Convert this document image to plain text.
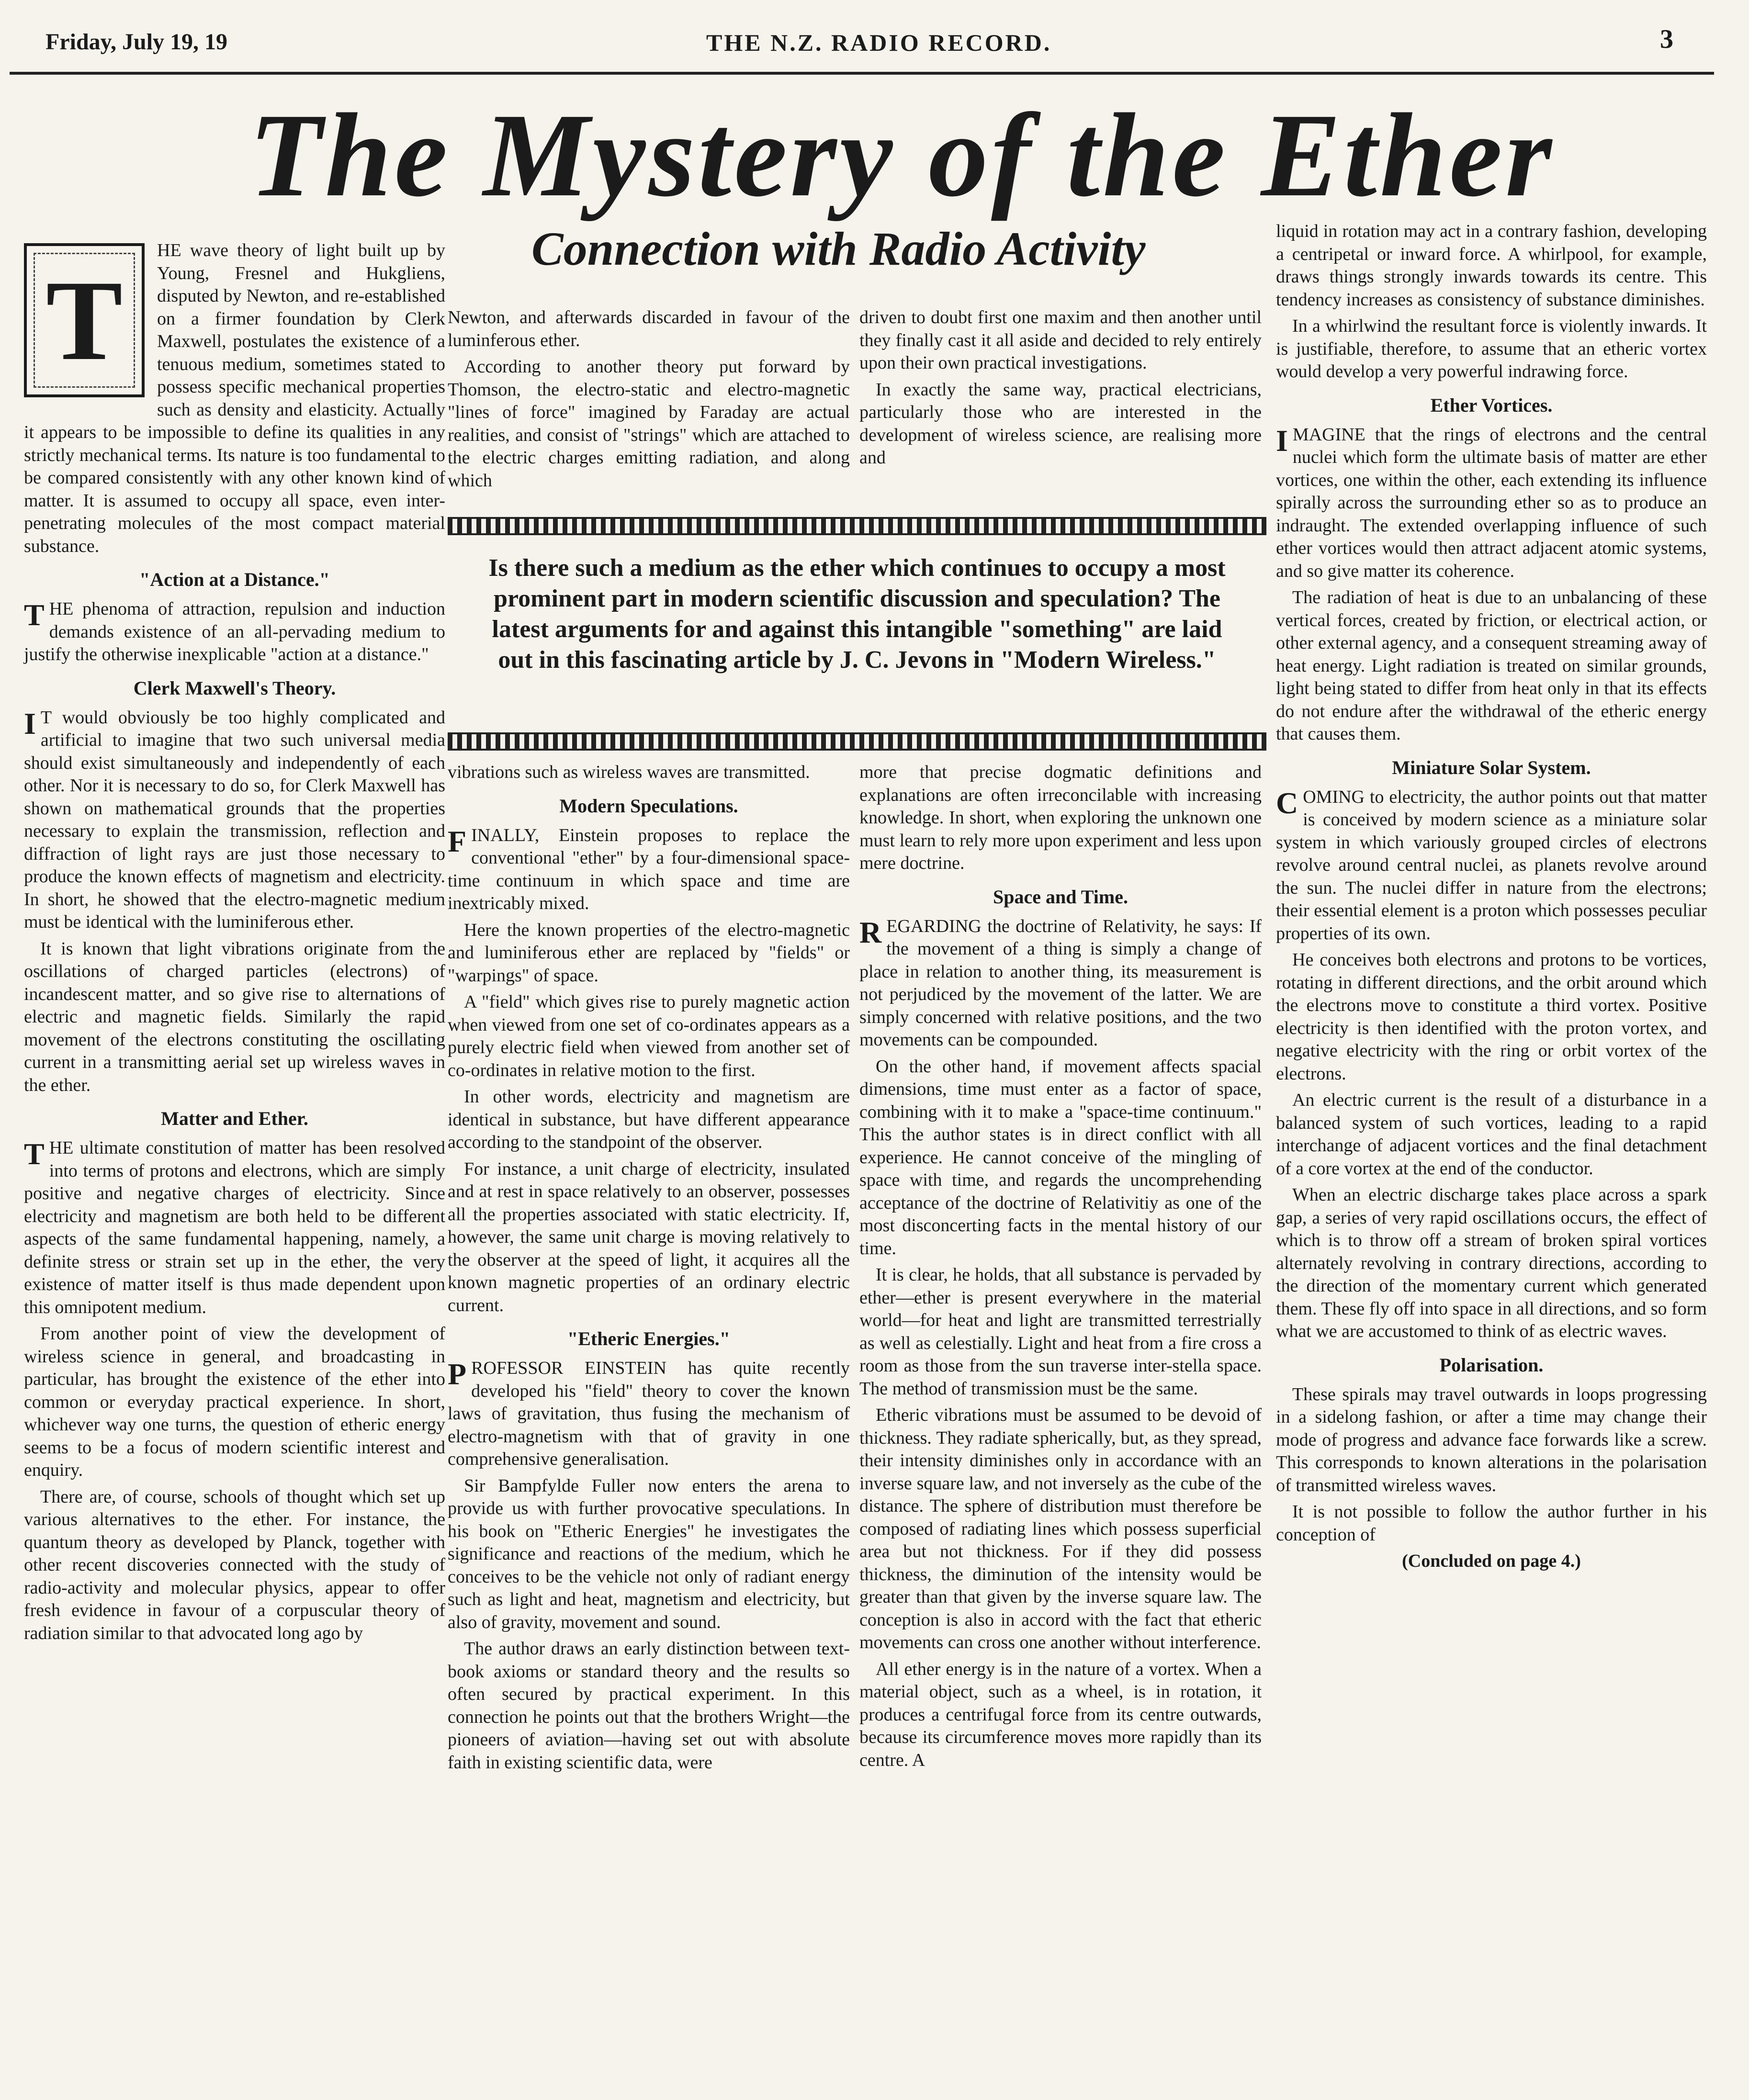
Friday, July 19, 19	THE N.Z. RADIO RECORD.	3
The Mystery of the Ether
Connection with Radio Activity
T

HE wave theory of light built up by Young, Fresnel and Hukgliens, disputed by Newton, and re-established on a firmer foundation by Clerk Maxwell, postulates the existence of a tenuous medium, sometimes stated to possess specific mechanical properties such as density and elasticity. Actually it appears to be impossible to define its qualities in any strictly mechanical terms. Its nature is too fundamental to be compared consistently with any other known kind of matter. It is assumed to occupy all space, even inter-penetrating molecules of the most compact material substance.

"Action at a Distance."

THE phenoma of attraction, repulsion and induction demands existence of an all-pervading medium to justify the otherwise inexplicable "action at a distance."

Clerk Maxwell's Theory.

I T would obviously be too highly complicated and artificial to imagine that two such universal media should exist simultaneously and independently of each other. Nor it is necessary to do so, for Clerk Maxwell has shown on mathematical grounds that the properties necessary to explain the transmission, reflection and diffraction of light rays are just those necessary to produce the known effects of magnetism and electricity. In short, he showed that the electro-magnetic medium must be identical with the luminiferous ether.

It is known that light vibrations originate from the oscillations of charged particles (electrons) of incandescent matter, and so give rise to alternations of electric and magnetic fields. Similarly the rapid movement of the electrons constituting the oscillating current in a transmitting aerial set up wireless waves in the ether.

Matter and Ether.

THE ultimate constitution of matter has been resolved into terms of protons and electrons, which are simply positive and negative charges of electricity. Since electricity and magnetism are both held to be different aspects of the same fundamental happening, namely, a definite stress or strain set up in the ether, the very existence of matter itself is thus made dependent upon this omnipotent medium.

From another point of view the development of wireless science in general, and broadcasting in particular, has brought the existence of the ether into common or everyday practical experience. In short, whichever way one turns, the question of etheric energy seems to be a focus of modern scientific interest and enquiry.

There are, of course, schools of thought which set up various alternatives to the ether. For instance, the quantum theory as developed by Planck, together with other recent discoveries connected with the study of radio-activity and molecular physics, appear to offer fresh evidence in favour of a corpuscular theory of radiation similar to that advocated long ago by

Newton, and afterwards discarded in favour of the luminferous ether.

According to another theory put forward by Thomson, the electro-static and electro-magnetic "lines of force" imagined by Faraday are actual realities, and consist of "strings" which are attached to the electric charges emitting radiation, and along which

driven to doubt first one maxim and then another until they finally cast it all aside and decided to rely entirely upon their own practical investigations.

In exactly the same way, practical electricians, particularly those who are interested in the development of wireless science, are realising more and

Is there such a medium as the ether which continues to occupy a most prominent part in modern scientific discussion and speculation? The latest arguments for and against this intangible "something" are laid out in this fascinating article by J. C. Jevons in "Modern Wireless."

vibrations such as wireless waves are transmitted.

Modern Speculations.

FINALLY, Einstein proposes to replace the conventional "ether" by a four-dimensional space-time continuum in which space and time are inextricably mixed.

Here the known properties of the electro-magnetic and luminiferous ether are replaced by "fields" or "warpings" of space.

A "field" which gives rise to purely magnetic action when viewed from one set of co-ordinates appears as a purely electric field when viewed from another set of co-ordinates in relative motion to the first.

In other words, electricity and magnetism are identical in substance, but have different appearance according to the standpoint of the observer.

For instance, a unit charge of electricity, insulated and at rest in space relatively to an observer, possesses all the properties associated with static electricity. If, however, the same unit charge is moving relatively to the observer at the speed of light, it acquires all the known magnetic properties of an ordinary electric current.

"Etheric Energies."

PROFESSOR EINSTEIN has quite recently developed his "field" theory to cover the known laws of gravitation, thus fusing the mechanism of electro-magnetism with that of gravity in one comprehensive generalisation.

Sir Bampfylde Fuller now enters the arena to provide us with further provocative speculations. In his book on "Etheric Energies" he investigates the significance and reactions of the medium, which he conceives to be the vehicle not only of radiant energy such as light and heat, magnetism and electricity, but also of gravity, movement and sound.

The author draws an early distinction between text-book axioms or standard theory and the results so often secured by practical experiment. In this connection he points out that the brothers Wright—the pioneers of aviation—having set out with absolute faith in existing scientific data, were

more that precise dogmatic definitions and explanations are often irreconcilable with increasing knowledge. In short, when exploring the unknown one must learn to rely more upon experiment and less upon mere doctrine.

Space and Time.

REGARDING the doctrine of Relativity, he says: If the movement of a thing is simply a change of place in relation to another thing, its measurement is not perjudiced by the movement of the latter. We are simply concerned with relative positions, and the two movements can be compounded.

On the other hand, if movement affects spacial dimensions, time must enter as a factor of space, combining with it to make a "space-time continuum." This the author states is in direct conflict with all experience. He cannot conceive of the mingling of space with time, and regards the uncomprehending acceptance of the doctrine of Relativitiy as one of the most disconcerting facts in the mental history of our time.

It is clear, he holds, that all substance is pervaded by ether—ether is present everywhere in the material world—for heat and light are transmitted terrestrially as well as celestially. Light and heat from a fire cross a room as those from the sun traverse inter-stella space. The method of transmission must be the same.

Etheric vibrations must be assumed to be devoid of thickness. They radiate spherically, but, as they spread, their intensity diminishes only in accordance with an inverse square law, and not inversely as the cube of the distance. The sphere of distribution must therefore be composed of radiating lines which possess superficial area but not thickness. For if they did possess thickness, the diminution of the intensity would be greater than that given by the inverse square law. The conception is also in accord with the fact that etheric movements can cross one another without interference.

All ether energy is in the nature of a vortex. When a material object, such as a wheel, is in rotation, it produces a centrifugal force from its centre outwards, because its circumference moves more rapidly than its centre. A

liquid in rotation may act in a contrary fashion, developing a centripetal or inward force. A whirlpool, for example, draws things strongly inwards towards its centre. This tendency increases as consistency of substance diminishes.

In a whirlwind the resultant force is violently inwards. It is justifiable, therefore, to assume that an etheric vortex would develop a very powerful indrawing force.

Ether Vortices.

IMAGINE that the rings of electrons and the central nuclei which form the ultimate basis of matter are ether vortices, one within the other, each extending its influence spirally across the surrounding ether so as to produce an indraught. The extended overlapping influence of such ether vortices would then attract adjacent atomic systems, and so give matter its coherence.

The radiation of heat is due to an unbalancing of these vertical forces, created by friction, or electrical action, or other external agency, and a consequent streaming away of heat energy. Light radiation is treated on similar grounds, light being stated to differ from heat only in that its effects do not endure after the withdrawal of the etheric energy that causes them.

Miniature Solar System.

COMING to electricity, the author points out that matter is conceived by modern science as a miniature solar system in which variously grouped circles of electrons revolve around central nuclei, as planets revolve around the sun. The nuclei differ in nature from the electrons; their essential element is a proton which possesses peculiar properties of its own.

He conceives both electrons and protons to be vortices, rotating in different directions, and the orbit around which the electrons move to constitute a third vortex. Positive electricity is then identified with the proton vortex, and negative electricity with the ring or orbit vortex of the electrons.

An electric current is the result of a disturbance in a balanced system of such vortices, leading to a rapid interchange of adjacent vortices and the final detachment of a core vortex at the end of the conductor.

When an electric discharge takes place across a spark gap, a series of very rapid oscillations occurs, the effect of which is to throw off a stream of broken spiral vortices alternately revolving in contrary directions, according to the direction of the momentary current which generated them. These fly off into space in all directions, and so form what we are accustomed to think of as electric waves.

Polarisation.

These spirals may travel outwards in loops progressing in a sidelong fashion, or after a time may change their mode of progress and advance face forwards like a screw. This corresponds to known alterations in the polarisation of transmitted wireless waves.

It is not possible to follow the author further in his conception of

(Concluded on page 4.)
